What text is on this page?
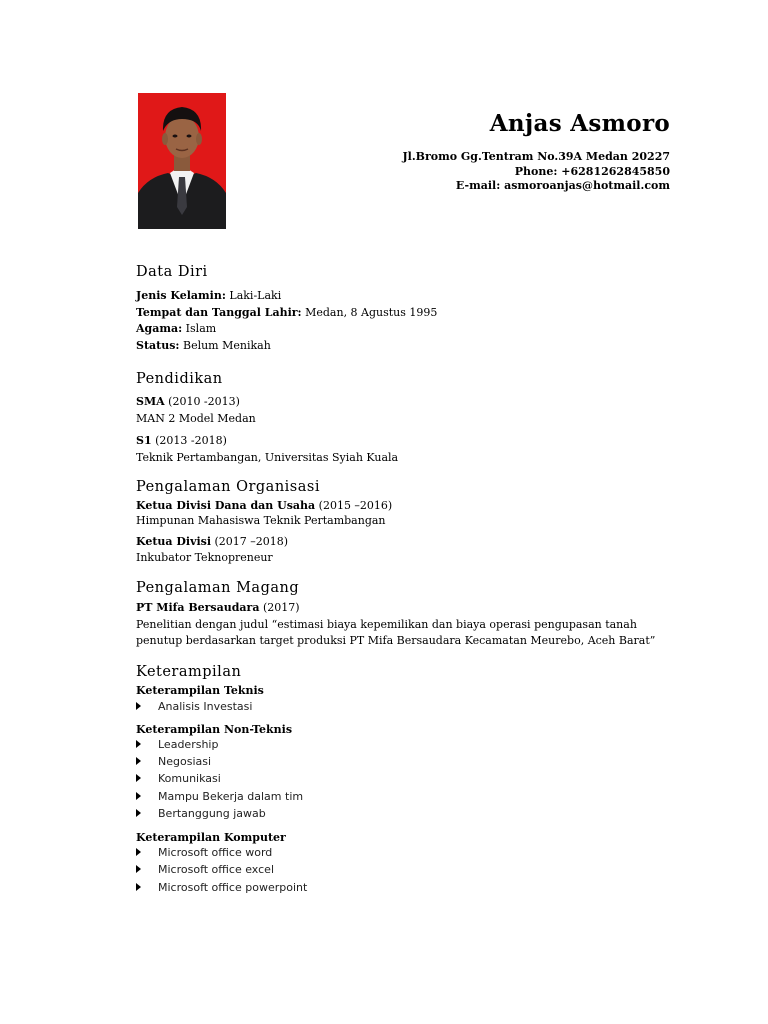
Anjas Asmoro
Jl.Bromo Gg.Tentram No.39A Medan 20227
Phone: +6281262845850
E-mail: asmoroanjas@hotmail.com
Data Diri
Jenis Kelamin: Laki-Laki
Tempat dan Tanggal Lahir: Medan, 8 Agustus 1995
Agama: Islam
Status: Belum Menikah
Pendidikan
SMA (2010 -2013)
MAN 2 Model Medan
S1 (2013 -2018)
Teknik Pertambangan, Universitas Syiah Kuala
Pengalaman Organisasi
Ketua Divisi Dana dan Usaha (2015 –2016)
Himpunan Mahasiswa Teknik Pertambangan
Ketua Divisi (2017 –2018)
Inkubator Teknopreneur
Pengalaman Magang
PT Mifa Bersaudara (2017)
Penelitian dengan judul “estimasi biaya kepemilikan dan biaya operasi pengupasan tanah penutup berdasarkan target produksi PT Mifa Bersaudara Kecamatan Meurebo, Aceh Barat”
Keterampilan
Keterampilan Teknis
Analisis Investasi
Keterampilan Non-Teknis
Leadership
Negosiasi
Komunikasi
Mampu Bekerja dalam tim
Bertanggung jawab
Keterampilan Komputer
Microsoft office word
Microsoft office excel
Microsoft office powerpoint
